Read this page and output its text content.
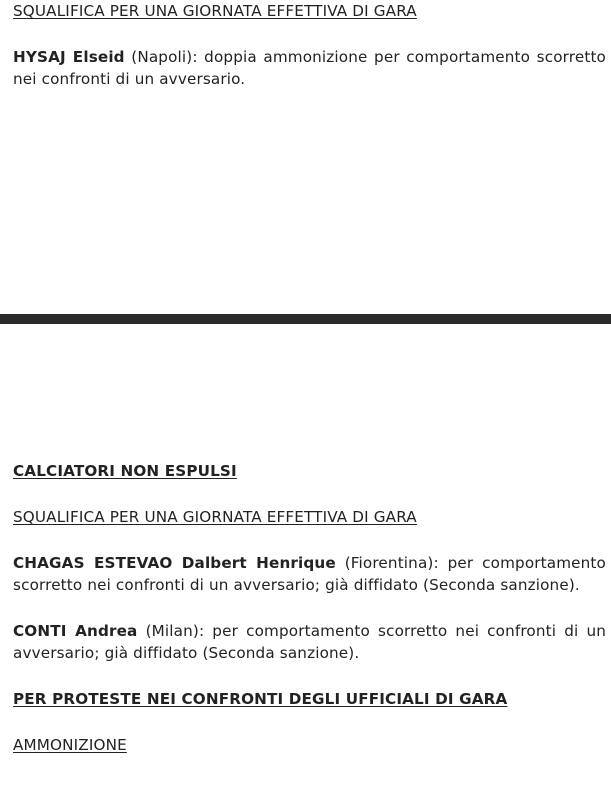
SQUALIFICA PER UNA GIORNATA EFFETTIVA DI GARA

HYSAJ Elseid (Napoli): doppia ammonizione per comportamento scorretto nei confronti di un avversario.

CALCIATORI NON ESPULSI

SQUALIFICA PER UNA GIORNATA EFFETTIVA DI GARA

CHAGAS ESTEVAO Dalbert Henrique (Fiorentina): per comportamento scorretto nei confronti di un avversario; già diffidato (Seconda sanzione).

CONTI Andrea (Milan): per comportamento scorretto nei confronti di un avversario; già diffidato (Seconda sanzione).

PER PROTESTE NEI CONFRONTI DEGLI UFFICIALI DI GARA

AMMONIZIONE
